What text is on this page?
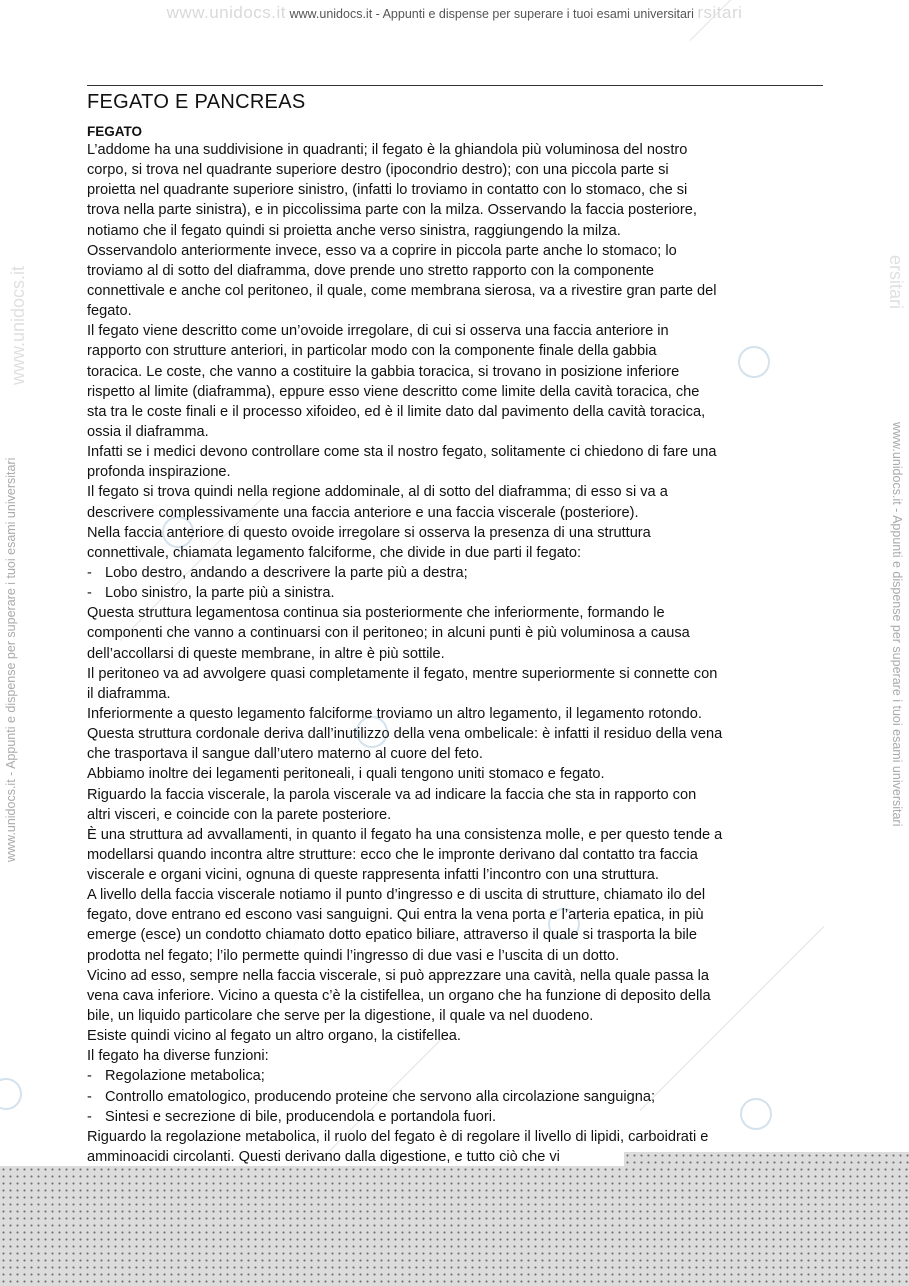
www.unidocs.it www.unidocs.it - Appunti e dispense per superare i tuoi esami universitari rsitari
www.unidocs.it	ersitari
www.unidocs.it - Appunti e dispense per superare i tuoi esami universitari	www.unidocs.it - Appunti e dispense per superare i tuoi esami universitari
FEGATO E PANCREAS
FEGATO
L’addome ha una suddivisione in quadranti; il fegato è la ghiandola più voluminosa del nostro
corpo, si trova nel quadrante superiore destro (ipocondrio destro); con una piccola parte si
proietta nel quadrante superiore sinistro, (infatti lo troviamo in contatto con lo stomaco, che si
trova nella parte sinistra), e in piccolissima parte con la milza. Osservando la faccia posteriore,
notiamo che il fegato quindi si proietta anche verso sinistra, raggiungendo la milza.
Osservandolo anteriormente invece, esso va a coprire in piccola parte anche lo stomaco; lo
troviamo al di sotto del diaframma, dove prende uno stretto rapporto con la componente
connettivale e anche col peritoneo, il quale, come membrana sierosa, va a rivestire gran parte del
fegato.
Il fegato viene descritto come un’ovoide irregolare, di cui si osserva una faccia anteriore in
rapporto con strutture anteriori, in particolar modo con la componente finale della gabbia
toracica. Le coste, che vanno a costituire la gabbia toracica, si trovano in posizione inferiore
rispetto al limite (diaframma), eppure esso viene descritto come limite della cavità toracica, che
sta tra le coste finali e il processo xifoideo, ed è il limite dato dal pavimento della cavità toracica,
ossia il diaframma.
Infatti se i medici devono controllare come sta il nostro fegato, solitamente ci chiedono di fare una
profonda inspirazione.
Il fegato si trova quindi nella regione addominale, al di sotto del diaframma; di esso si va a
descrivere complessivamente una faccia anteriore e una faccia viscerale (posteriore).
Nella faccia anteriore di questo ovoide irregolare si osserva la presenza di una struttura
connettivale, chiamata legamento falciforme, che divide in due parti il fegato:
- Lobo destro, andando a descrivere la parte più a destra;
- Lobo sinistro, la parte più a sinistra.
Questa struttura legamentosa continua sia posteriormente che inferiormente, formando le
componenti che vanno a continuarsi con il peritoneo; in alcuni punti è più voluminosa a causa
dell’accollarsi di queste membrane, in altre è più sottile.
Il peritoneo va ad avvolgere quasi completamente il fegato, mentre superiormente si connette con
il diaframma.
Inferiormente a questo legamento falciforme troviamo un altro legamento, il legamento rotondo.
Questa struttura cordonale deriva dall’inutilizzo della vena ombelicale: è infatti il residuo della vena
che trasportava il sangue dall’utero materno al cuore del feto.
Abbiamo inoltre dei legamenti peritoneali, i quali tengono uniti stomaco e fegato.
Riguardo la faccia viscerale, la parola viscerale va ad indicare la faccia che sta in rapporto con
altri visceri, e coincide con la parete posteriore.
È una struttura ad avvallamenti, in quanto il fegato ha una consistenza molle, e per questo tende a
modellarsi quando incontra altre strutture: ecco che le impronte derivano dal contatto tra faccia
viscerale e organi vicini, ognuna di queste rappresenta infatti l’incontro con una struttura.
A livello della faccia viscerale notiamo il punto d’ingresso e di uscita di strutture, chiamato ilo del
fegato, dove entrano ed escono vasi sanguigni. Qui entra la vena porta e l’arteria epatica, in più
emerge (esce) un condotto chiamato dotto epatico biliare, attraverso il quale si trasporta la bile
prodotta nel fegato; l’ilo permette quindi l’ingresso di due vasi e l’uscita di un dotto.
Vicino ad esso, sempre nella faccia viscerale, si può apprezzare una cavità, nella quale passa la
vena cava inferiore. Vicino a questa c’è la cistifellea, un organo che ha funzione di deposito della
bile, un liquido particolare che serve per la digestione, il quale va nel duodeno.
Esiste quindi vicino al fegato un altro organo, la cistifellea.
Il fegato ha diverse funzioni:
- Regolazione metabolica;
- Controllo ematologico, producendo proteine che servono alla circolazione sanguigna;
- Sintesi e secrezione di bile, producendola e portandola fuori.
Riguardo la regolazione metabolica, il ruolo del fegato è di regolare il livello di lipidi, carboidrati e
amminoacidi circolanti. Questi derivano dalla digestione, e tutto ciò che vi
